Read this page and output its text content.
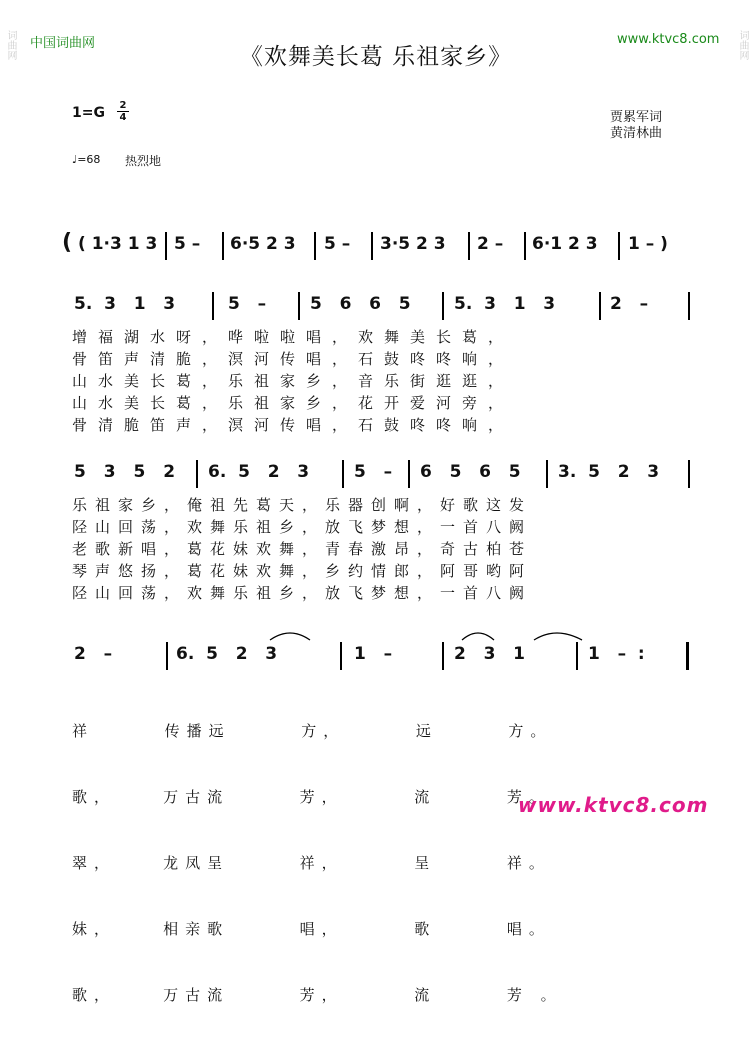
中国词曲网	www.ktvc8.com
《欢舞美长葛 乐祖家乡》
$1=G \frac{2}{4}$	贾累军词
黄清林曲
♩=68 热烈地
词曲网	词曲网
( ( 1·3 1 3 5 –	6·5 2 3	5 –	3·5 2 3	2 –	6·1 2 3	1 – )
5.  3   1   3	5   –	5   6   6   5	5.  3   1   3	2   –
增福湖水呀，哗啦啦唱，欢舞美长葛，
骨笛声清脆，溟河传唱，石鼓咚咚响，
山水美长葛，乐祖家乡，音乐街逛逛，
山水美长葛，乐祖家乡，花开爱河旁，
骨清脆笛声，溟河传唱，石鼓咚咚响，
5 3 5 2 6.  5   2   3	5   – 6   5   6   5 3.  5   2   3
乐祖家乡，俺祖先葛天，乐器创啊，好歌这发
陉山回荡，欢舞乐祖乡，放飞梦想，一首八阙
老歌新唱，葛花妹欢舞，青春激昂，奇古柏苍
琴声悠扬，葛花妹欢舞，乡约情郎，阿哥哟阿
陉山回荡，欢舞乐祖乡，放飞梦想，一首八阙
2   –	6.  5   2   3	1   –	2   3   1	1   –  :

祥      传播远      方，      远      方。

歌，    万古流      芳，      流      芳。

翠，    龙凤呈      祥，      呈      祥。

妹，    相亲歌      唱，      歌      唱。

歌，    万古流      芳，      流      芳 。

www.ktvc8.com
